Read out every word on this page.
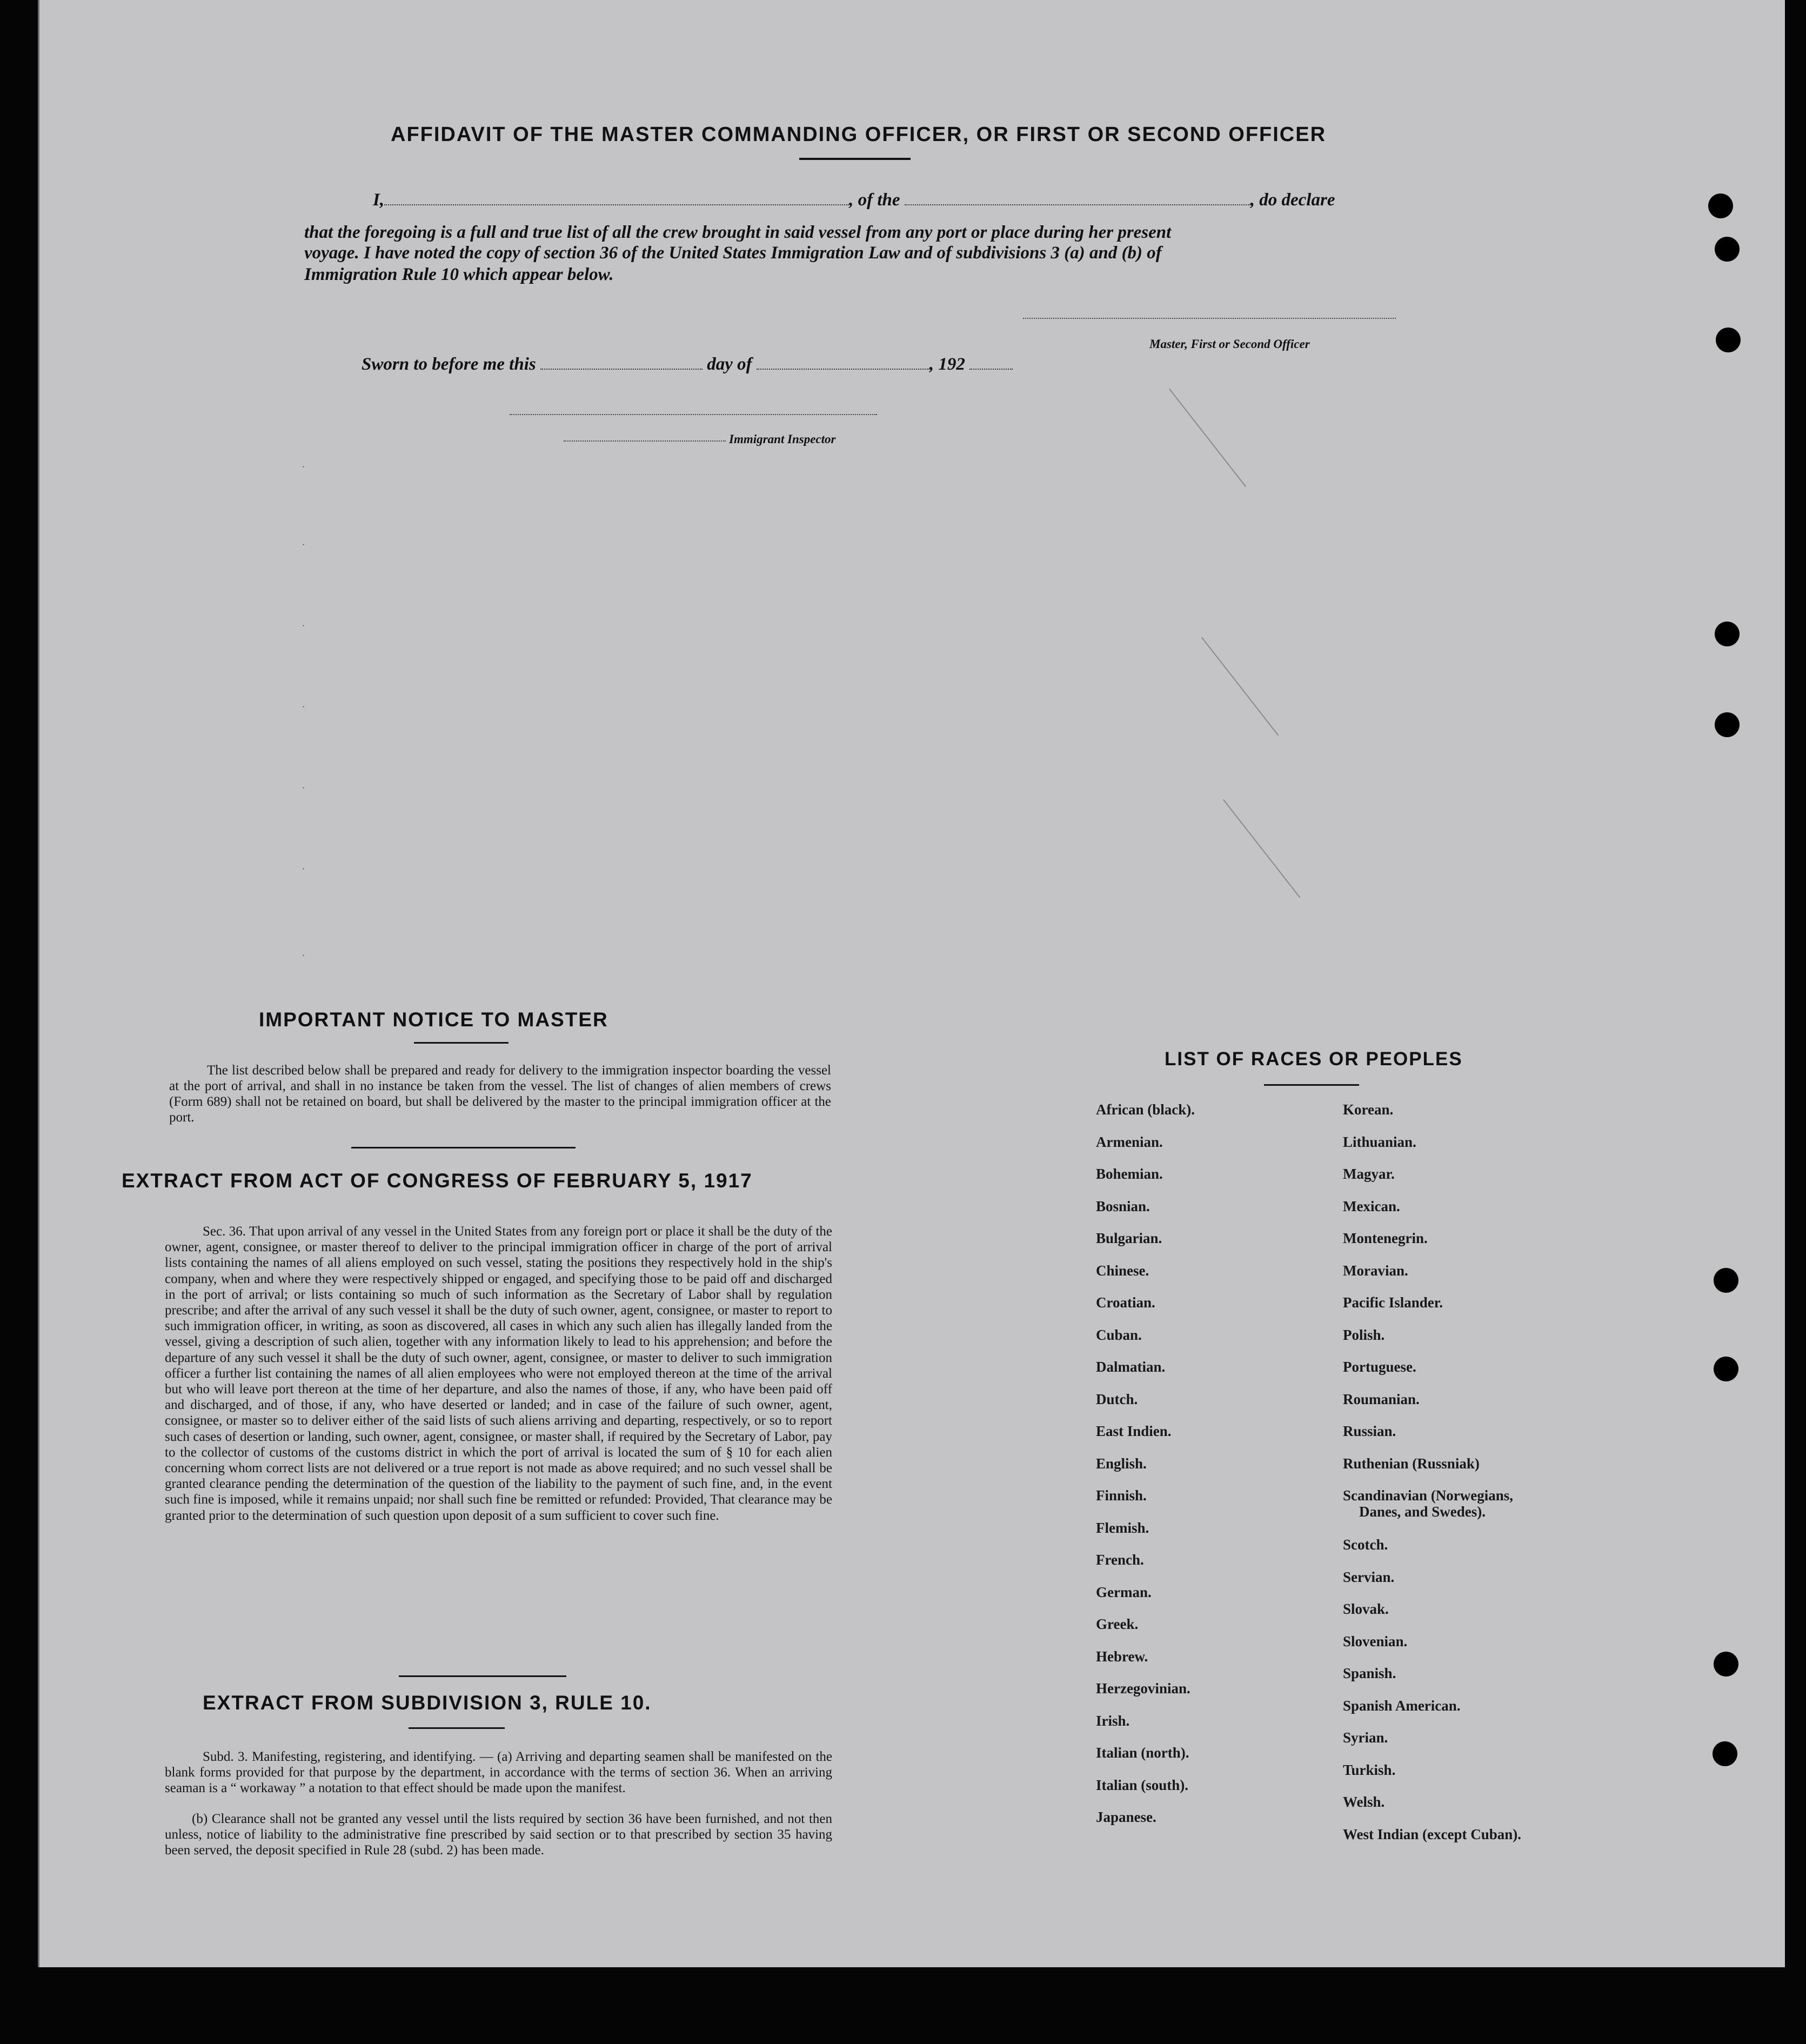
AFFIDAVIT OF THE MASTER COMMANDING OFFICER, OR FIRST OR SECOND OFFICER
I,	, of the	, do declare
that the foregoing is a full and true list of all the crew brought in said vessel from any port or place during her present
voyage. I have noted the copy of section 36 of the United States Immigration Law and of subdivisions 3 (a) and (b) of
Immigration Rule 10 which appear below.
Master, First or Second Officer
Sworn to before me this	day of	, 192
Immigrant Inspector
·
·
·
·
·
·
·
IMPORTANT NOTICE TO MASTER
The list described below shall be prepared and ready for delivery to the immigration inspector boarding the vessel at the port of arrival, and shall in no instance be taken from the vessel. The list of changes of alien members of crews (Form 689) shall not be retained on board, but shall be delivered by the master to the principal immigration officer at the port.
EXTRACT FROM ACT OF CONGRESS OF FEBRUARY 5, 1917
Sec. 36. That upon arrival of any vessel in the United States from any foreign port or place it shall be the duty of the owner, agent, consignee, or master thereof to deliver to the principal immigration officer in charge of the port of arrival lists containing the names of all aliens employed on such vessel, stating the positions they respectively hold in the ship's company, when and where they were respectively shipped or engaged, and specifying those to be paid off and discharged in the port of arrival; or lists containing so much of such information as the Secretary of Labor shall by regulation prescribe; and after the arrival of any such vessel it shall be the duty of such owner, agent, consignee, or master to report to such immigration officer, in writing, as soon as discovered, all cases in which any such alien has illegally landed from the vessel, giving a description of such alien, together with any information likely to lead to his apprehension; and before the departure of any such vessel it shall be the duty of such owner, agent, consignee, or master to deliver to such immigration officer a further list containing the names of all alien employees who were not employed thereon at the time of the arrival but who will leave port thereon at the time of her departure, and also the names of those, if any, who have been paid off and discharged, and of those, if any, who have deserted or landed; and in case of the failure of such owner, agent, consignee, or master so to deliver either of the said lists of such aliens arriving and departing, respectively, or so to report such cases of desertion or landing, such owner, agent, consignee, or master shall, if required by the Secretary of Labor, pay to the collector of customs of the customs district in which the port of arrival is located the sum of § 10 for each alien concerning whom correct lists are not delivered or a true report is not made as above required; and no such vessel shall be granted clearance pending the determination of the question of the liability to the payment of such fine, and, in the event such fine is imposed, while it remains unpaid; nor shall such fine be remitted or refunded: Provided, That clearance may be granted prior to the determination of such question upon deposit of a sum sufficient to cover such fine.
EXTRACT FROM SUBDIVISION 3, RULE 10.
Subd. 3. Manifesting, registering, and identifying. — (a) Arriving and departing seamen shall be manifested on the blank forms provided for that purpose by the department, in accordance with the terms of section 36. When an arriving seaman is a “ workaway ” a notation to that effect should be made upon the manifest.
(b) Clearance shall not be granted any vessel until the lists required by section 36 have been furnished, and not then unless, notice of liability to the administrative fine prescribed by said section or to that prescribed by section 35 having been served, the deposit specified in Rule 28 (subd. 2) has been made.
LIST OF RACES OR PEOPLES
African (black).
Armenian.
Bohemian.
Bosnian.
Bulgarian.
Chinese.
Croatian.
Cuban.
Dalmatian.
Dutch.
East Indien.
English.
Finnish.
Flemish.
French.
German.
Greek.
Hebrew.
Herzegovinian.
Irish.
Italian (north).
Italian (south).
Japanese.
Korean.
Lithuanian.
Magyar.
Mexican.
Montenegrin.
Moravian.
Pacific Islander.
Polish.
Portuguese.
Roumanian.
Russian.
Ruthenian (Russniak)
Scandinavian (Norwegians,
Danes, and Swedes).
Scotch.
Servian.
Slovak.
Slovenian.
Spanish.
Spanish American.
Syrian.
Turkish.
Welsh.
West Indian (except Cuban).
